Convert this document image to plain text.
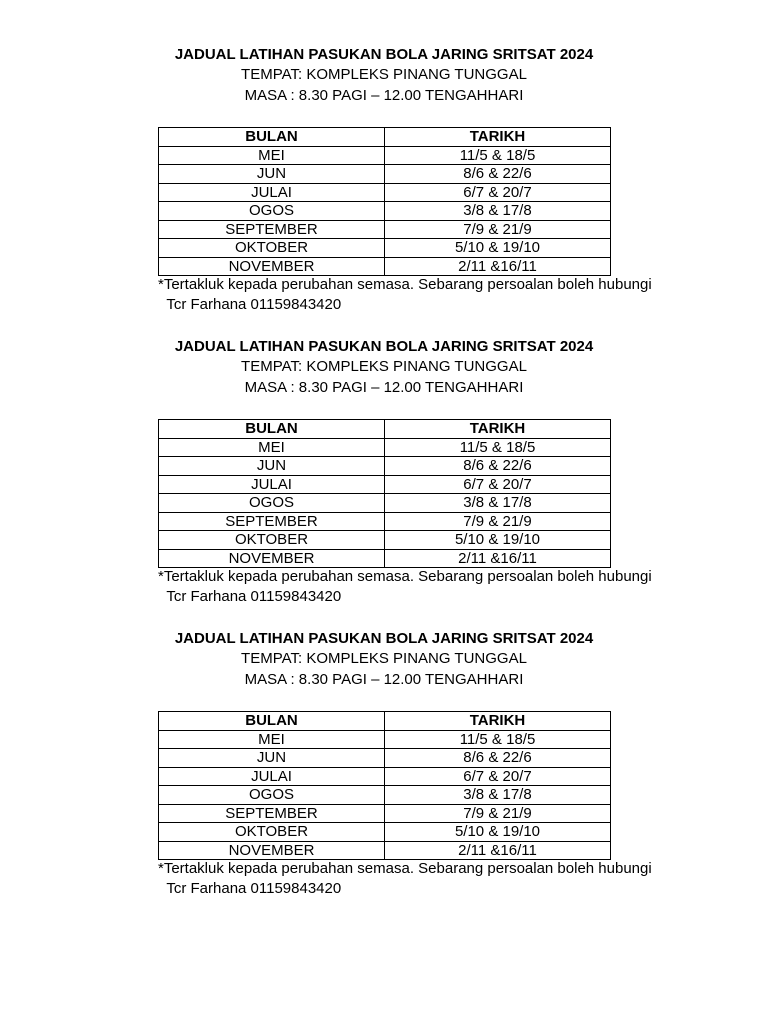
JADUAL LATIHAN PASUKAN BOLA JARING SRITSAT 2024
TEMPAT: KOMPLEKS PINANG TUNGGAL
MASA : 8.30 PAGI – 12.00 TENGAHHARI
BULAN	TARIKH
MEI	11/5 & 18/5
JUN	8/6 & 22/6
JULAI	6/7 & 20/7
OGOS	3/8 & 17/8
SEPTEMBER	7/9 & 21/9
OKTOBER	5/10 & 19/10
NOVEMBER	2/11 &16/11
*Tertakluk kepada perubahan semasa. Sebarang persoalan boleh hubungi
Tcr Farhana 01159843420
JADUAL LATIHAN PASUKAN BOLA JARING SRITSAT 2024
TEMPAT: KOMPLEKS PINANG TUNGGAL
MASA : 8.30 PAGI – 12.00 TENGAHHARI
BULAN	TARIKH
MEI	11/5 & 18/5
JUN	8/6 & 22/6
JULAI	6/7 & 20/7
OGOS	3/8 & 17/8
SEPTEMBER	7/9 & 21/9
OKTOBER	5/10 & 19/10
NOVEMBER	2/11 &16/11
*Tertakluk kepada perubahan semasa. Sebarang persoalan boleh hubungi
Tcr Farhana 01159843420
JADUAL LATIHAN PASUKAN BOLA JARING SRITSAT 2024
TEMPAT: KOMPLEKS PINANG TUNGGAL
MASA : 8.30 PAGI – 12.00 TENGAHHARI
BULAN	TARIKH
MEI	11/5 & 18/5
JUN	8/6 & 22/6
JULAI	6/7 & 20/7
OGOS	3/8 & 17/8
SEPTEMBER	7/9 & 21/9
OKTOBER	5/10 & 19/10
NOVEMBER	2/11 &16/11
*Tertakluk kepada perubahan semasa. Sebarang persoalan boleh hubungi
Tcr Farhana 01159843420
